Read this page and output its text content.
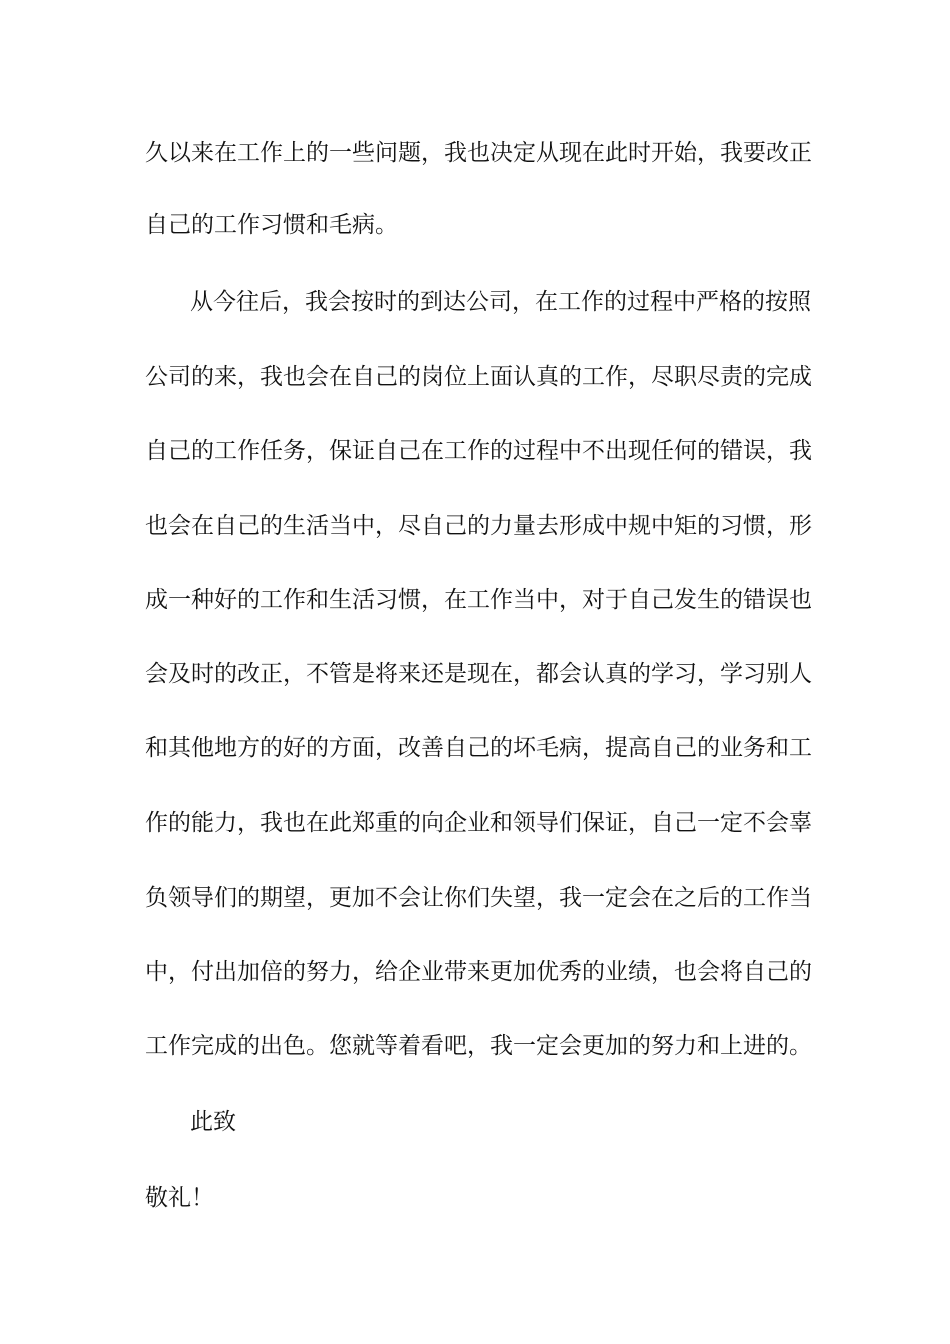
久以来在工作上的一些问题，我也决定从现在此时开始，我要改正
自己的工作习惯和毛病。
从今往后，我会按时的到达公司，在工作的过程中严格的按照
公司的来，我也会在自己的岗位上面认真的工作，尽职尽责的完成
自己的工作任务，保证自己在工作的过程中不出现任何的错误，我
也会在自己的生活当中，尽自己的力量去形成中规中矩的习惯，形
成一种好的工作和生活习惯，在工作当中，对于自己发生的错误也
会及时的改正，不管是将来还是现在，都会认真的学习，学习别人
和其他地方的好的方面，改善自己的坏毛病，提高自己的业务和工
作的能力，我也在此郑重的向企业和领导们保证，自己一定不会辜
负领导们的期望，更加不会让你们失望，我一定会在之后的工作当
中，付出加倍的努力，给企业带来更加优秀的业绩，也会将自己的
工作完成的出色。您就等着看吧，我一定会更加的努力和上进的。
此致
敬礼！
